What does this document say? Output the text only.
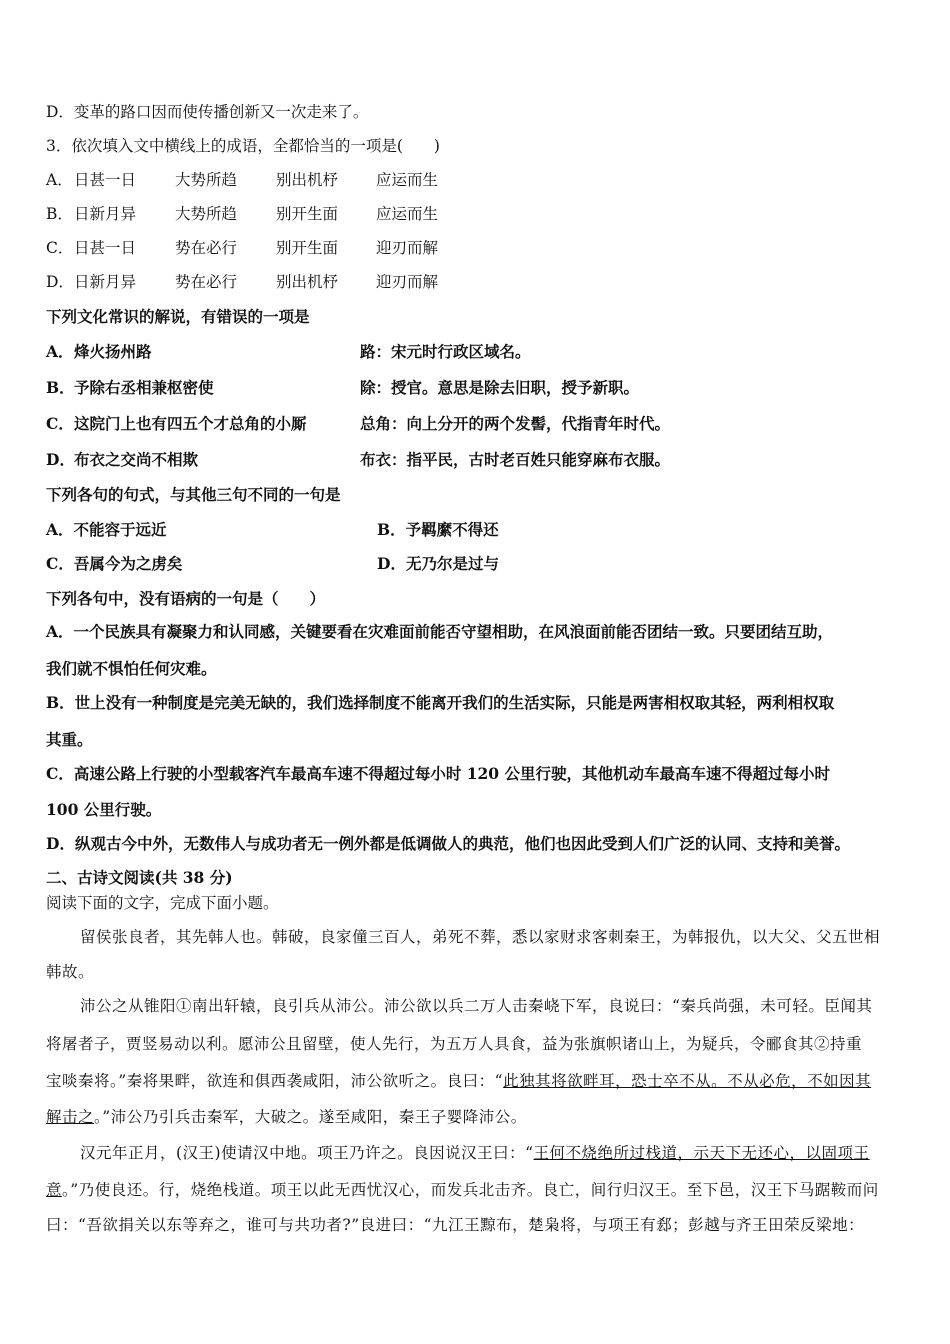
D．变革的路口因而使传播创新又一次走来了。
3．依次填入文中横线上的成语，全都恰当的一项是(　　)
A． 日甚一日	大势所趋	别出机杼 应运而生
B． 日新月异	大势所趋	别开生面 应运而生
C． 日甚一日	势在必行	别开生面 迎刃而解
D． 日新月异	势在必行	别出机杼 迎刃而解
下列文化常识的解说，有错误的一项是
A． 烽火扬州路	路：宋元时行政区域名。
B． 予除右丞相兼枢密使	除：授官。意思是除去旧职，授予新职。
C． 这院门上也有四五个才总角的小厮	总角：向上分开的两个发髻，代指青年时代。
D． 布衣之交尚不相欺	布衣：指平民，古时老百姓只能穿麻布衣服。
下列各句的句式，与其他三句不同的一句是
A．不能容于远近	B．予羁縻不得还
C．吾属今为之虏矣	D．无乃尔是过与
下列各句中，没有语病的一句是（　　）
A．一个民族具有凝聚力和认同感，关键要看在灾难面前能否守望相助，在风浪面前能否团结一致。只要团结互助，
我们就不惧怕任何灾难。
B．世上没有一种制度是完美无缺的，我们选择制度不能离开我们的生活实际，只能是两害相权取其轻，两利相权取
其重。
C．高速公路上行驶的小型载客汽车最高车速不得超过每小时 120 公里行驶，其他机动车最高车速不得超过每小时
100 公里行驶。
D．纵观古今中外，无数伟人与成功者无一例外都是低调做人的典范，他们也因此受到人们广泛的认同、支持和美誉。
二、古诗文阅读(共 38 分)
阅读下面的文字，完成下面小题。
留侯张良者，其先韩人也。韩破，良家僮三百人，弟死不葬，悉以家财求客刺秦王，为韩报仇，以大父、父五世相
韩故。
沛公之从锥阳①南出轩辕，良引兵从沛公。沛公欲以兵二万人击秦峣下军，良说曰：“秦兵尚强，未可轻。臣闻其
将屠者子，贾竖易动以利。愿沛公且留壁，使人先行，为五万人具食，益为张旗帜诸山上，为疑兵，令郦食其②持重
宝啖秦将。”秦将果畔，欲连和俱西袭咸阳，沛公欲听之。良曰：“此独其将欲畔耳，恐士卒不从。不从必危，不如因其
解击之。”沛公乃引兵击秦军，大破之。遂至咸阳，秦王子婴降沛公。
汉元年正月，(汉王)使请汉中地。项王乃许之。良因说汉王曰：“王何不烧绝所过栈道，示天下无还心，以固项王
意。”乃使良还。行，烧绝栈道。项王以此无西忧汉心，而发兵北击齐。良亡，间行归汉王。至下邑，汉王下马踞鞍而问
曰：“吾欲捐关以东等弃之，谁可与共功者?”良进曰：“九江王黥布，楚枭将，与项王有郄；彭越与齐王田荣反梁地：
